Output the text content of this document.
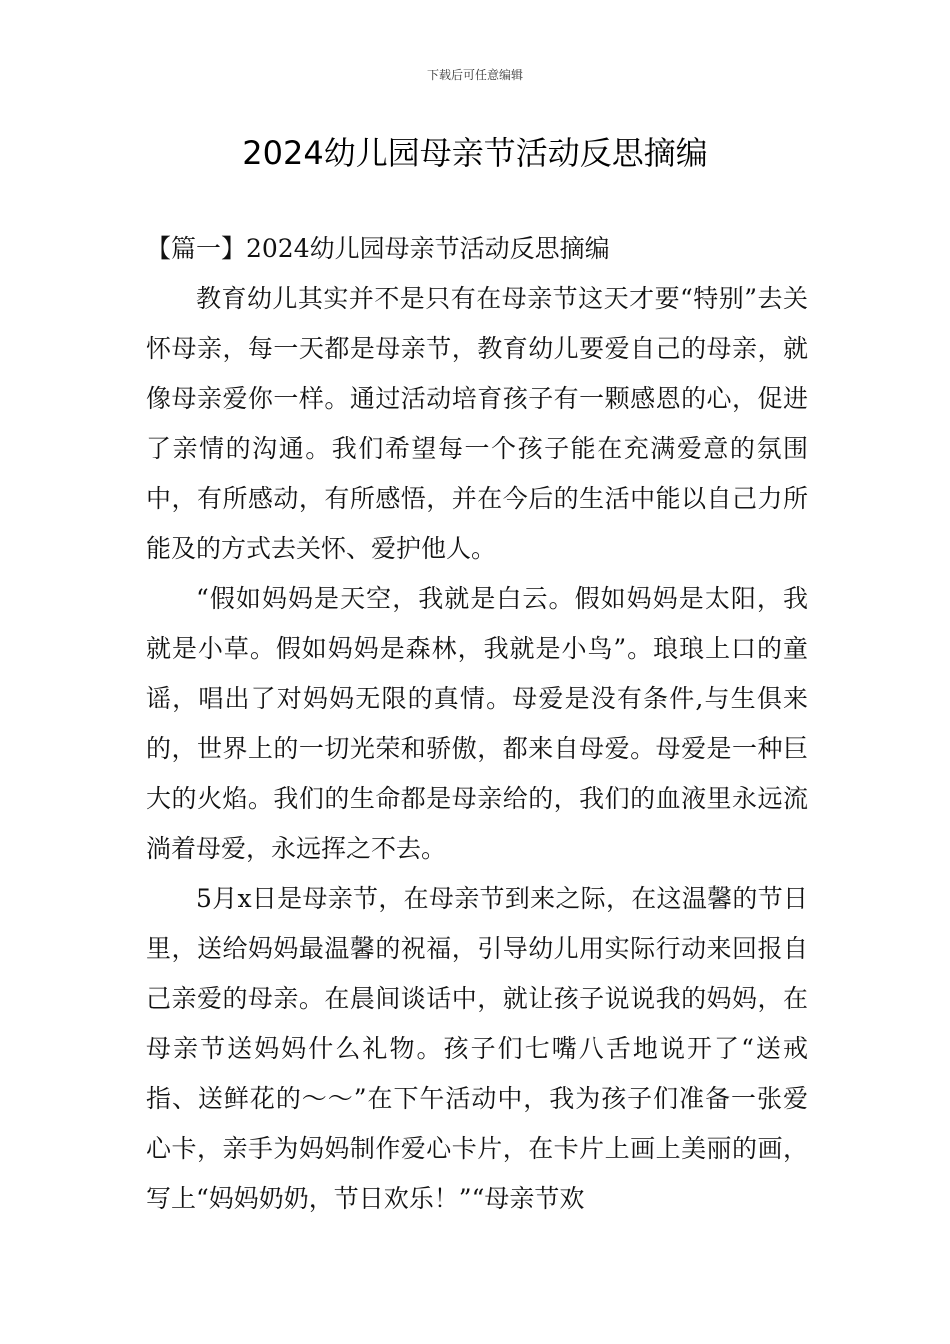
下载后可任意编辑
2024幼儿园母亲节活动反思摘编

【篇一】2024幼儿园母亲节活动反思摘编

教育幼儿其实并不是只有在母亲节这天才要“特别”去关怀母亲，每一天都是母亲节，教育幼儿要爱自己的母亲，就像母亲爱你一样。通过活动培育孩子有一颗感恩的心，促进了亲情的沟通。我们希望每一个孩子能在充满爱意的氛围中，有所感动，有所感悟，并在今后的生活中能以自己力所能及的方式去关怀、爱护他人。

“假如妈妈是天空，我就是白云。假如妈妈是太阳，我就是小草。假如妈妈是森林，我就是小鸟”。琅琅上口的童谣，唱出了对妈妈无限的真情。母爱是没有条件,与生俱来的，世界上的一切光荣和骄傲，都来自母爱。母爱是一种巨大的火焰。我们的生命都是母亲给的，我们的血液里永远流淌着母爱，永远挥之不去。

5月x日是母亲节，在母亲节到来之际，在这温馨的节日里，送给妈妈最温馨的祝福，引导幼儿用实际行动来回报自己亲爱的母亲。在晨间谈话中，就让孩子说说我的妈妈，在母亲节送妈妈什么礼物。孩子们七嘴八舌地说开了“送戒指、送鲜花的～～”在下午活动中，我为孩子们准备一张爱心卡，亲手为妈妈制作爱心卡片，在卡片上画上美丽的画，写上“妈妈奶奶，节日欢乐！”“母亲节欢
